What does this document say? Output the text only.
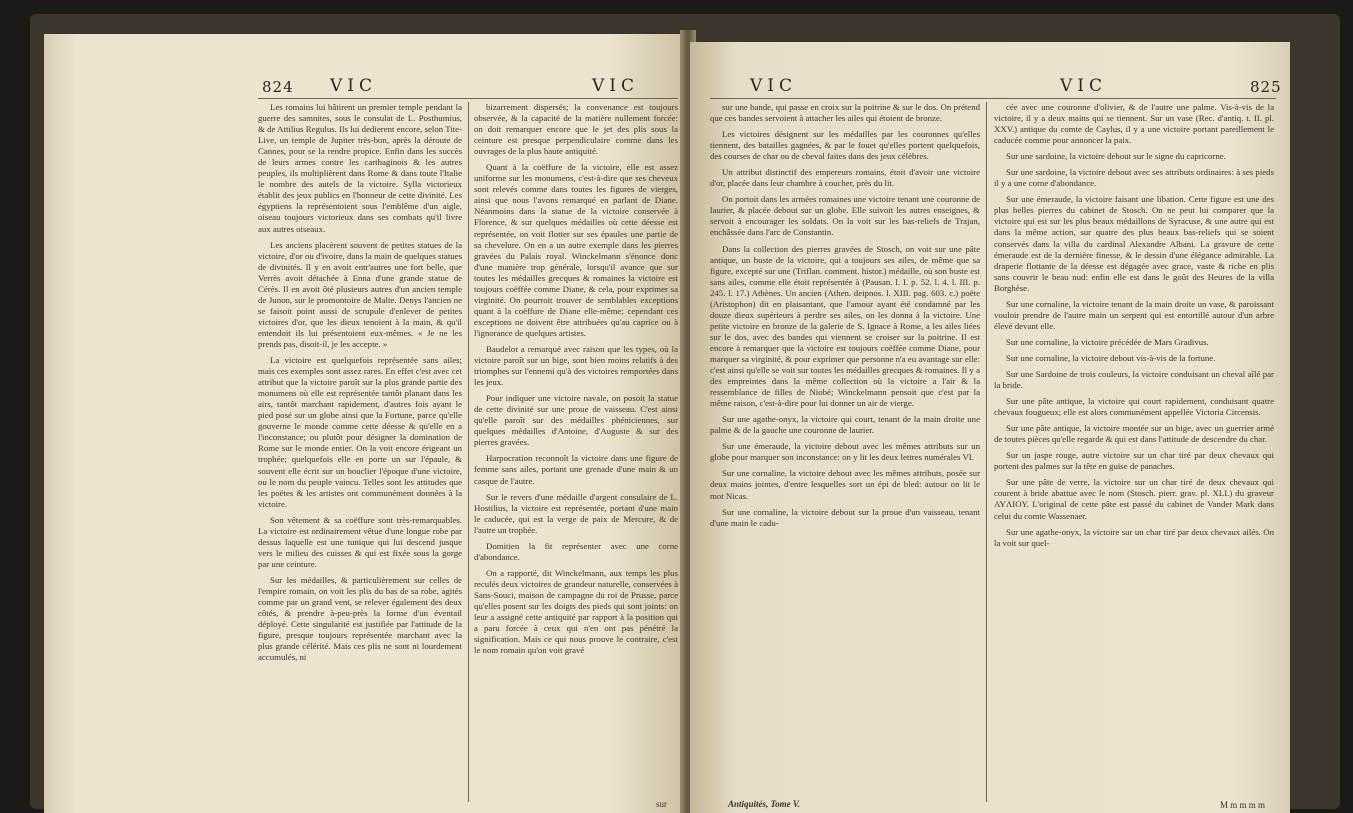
824 VIC	VIC

Les romains lui bâtirent un premier temple pendant la guerre des samnites, sous le consulat de L. Posthumius, & de Attilius Regulus. Ils lui dedierent encore, selon Tite-Live, un temple de Jupiter très-bon, après la déroute de Cannes, pour se la rendre propice. Enfin dans les succès de leurs armes contre les carthaginois & les autres peuples, ils multiplièrent dans Rome & dans toute l'Italie le nombre des autels de la victoire. Sylla victorieux établit des jeux publics en l'honneur de cette divinité. Les égyptiens la représentoient sous l'emblême d'un aigle, oiseau toujours victorieux dans ses combats qu'il livre aux autres oiseaux.

Les anciens placèrent souvent de petites statues de la victoire, d'or ou d'ivoire, dans la main de quelques statues de divinités. Il y en avoit entr'autres une fort belle, que Verrès avoit détachée à Enna d'une grande statue de Cérès. Il en avoit ôté plusieurs autres d'un ancien temple de Junon, sur le promontoire de Malte. Denys l'ancien ne se faisoit point aussi de scrupule d'enlever de petites victoires d'or, que les dieux tenoient à la main, & qu'il entendoit ils lui présentoient eux-mêmes. « Je ne les prends pas, disoit-il, je les accepte. »

La victoire est quelquefois représentée sans ailes; mais ces exemples sont assez rares. En effet c'est avec cet attribut que la victoire paroît sur la plus grande partie des monumens où elle est représentée tantôt planant dans les airs, tantôt marchant rapidement, d'autres fois ayant le pied posé sur un globe ainsi que la Fortune, parce qu'elle gouverne le monde comme cette déesse & qu'elle en a l'inconstance; ou plutôt pour désigner la domination de Rome sur le monde entier. On la voit encore érigeant un trophée; quelquefois elle en porte un sur l'épaule, & souvent elle écrit sur un bouclier l'époque d'une victoire, ou le nom du peuple vaincu. Telles sont les attitudes que les poëtes & les artistes ont communément données à la victoire.

Son vêtement & sa coëffure sont très-remarquables. La victoire est ordinairement vêtue d'une longue robe par dessus laquelle est une tunique qui lui descend jusque vers le milieu des cuisses & qui est fixée sous la gorge par une ceinture.

Sur les médailles, & particulièrement sur celles de l'empire romain, on voit les plis du bas de sa robe, agités comme par un grand vent, se relever également des deux côtés, & prendre à-peu-près la forme d'un éventail déployé. Cette singularité est justifiée par l'attitude de la figure, presque toujours représentée marchant avec la plus grande célérité. Mais ces plis ne sont ni lourdement accumulés, ni

bizarrement dispersés; la convenance est toujours observée, & la capacité de la matière nullement forcée: on doit remarquer encore que le jet des plis sous la ceinture est presque perpendiculaire comme dans les ouvrages de la plus haute antiquité.

Quant à la coëffure de la victoire, elle est assez uniforme sur les monumens, c'est-à-dire que ses cheveux sont relevés comme dans toutes les figures de vierges, ainsi que nous l'avons remarqué en parlant de Diane. Néanmoins dans la statue de la victoire conservée à Florence, & sur quelques médailles où cette déesse est représentée, on voit flotter sur ses épaules une partie de sa chevelure. On en a un autre exemple dans les pierres gravées du Palais royal. Winckelmann s'énonce donc d'une manière trop générale, lorsqu'il avance que sur toutes les médailles grecques & romaines la victoire est toujours coëffée comme Diane, & cela, pour exprimer sa virginité. On pourroit trouver de semblables exceptions quant à la coëffure de Diane elle-même; cependant ces exceptions ne doivent être attribuées qu'au caprice ou à l'ignorance de quelques artistes.

Baudelot a remarqué avec raison que les types, où la victoire paroît sur un bige, sont bien moins relatifs à des triomphes sur l'ennemi qu'à des victoires remportées dans les jeux.

Pour indiquer une victoire navale, on posoit la statue de cette divinité sur une proue de vaisseau. C'est ainsi qu'elle paroît sur des médailles phéniciennes, sur quelques médailles d'Antoine, d'Auguste & sur des pierres gravées.

Harpocration reconnoît la victoire dans une figure de femme sans ailes, portant une grenade d'une main & un casque de l'autre.

Sur le revers d'une médaille d'argent consulaire de L. Hostilius, la victoire est représentée, portant d'une main le caducée, qui est la verge de paix de Mercure, & de l'autre un trophée.

Domitien la fit représenter avec une corne d'abondance.

On a rapporté, dit Winckelmann, aux temps les plus reculés deux victoires de grandeur naturelle, conservées à Sans-Souci, maison de campagne du roi de Prusse, parce qu'elles posent sur les doigts des pieds qui sont joints: on leur a assigné cette antiquité par rapport à la position qui a paru forcée à ceux qui n'en ont pas pénétré la signification. Mais ce qui nous prouve le contraire, c'est le nom romain qu'on voit gravé

sur
VIC	VIC	825

sur une bande, qui passe en croix sur la poitrine & sur le dos. On prétend que ces bandes servoient à attacher les ailes qui étoient de bronze.

Les victoires désignent sur les médailles par les couronnes qu'elles tiennent, des batailles gagnées, & par le fouet qu'elles portent quelquefois, des courses de char ou de cheval faites dans des jeux célèbres.

Un attribut distinctif des empereurs romains, étoit d'avoir une victoire d'or, placée dans leur chambre à coucher, près du lit.

On portoit dans les armées romaines une victoire tenant une couronne de laurier, & placée debout sur un globe. Elle suivoit les autres enseignes, & servoit à encourager les soldats. On la voit sur les bas-reliefs de Trajan, enchâssée dans l'arc de Constantin.

Dans la collection des pierres gravées de Stosch, on voit sur une pâte antique, un buste de la victoire, qui a toujours ses ailes, de même que sa figure, excepté sur une (Triflan. comment. histor.) médaille, où son buste est sans ailes, comme elle étoit représentée à (Pausan. l. I. p. 52. l. 4. l. III. p. 245. l. 17.) Athènes. Un ancien (Athen. deipnos. l. XIII. pag. 603. c.) poëte (Aristophon) dit en plaisantant, que l'amour ayant été condamné par les douze dieux supérieurs à perdre ses ailes, on les donna à la victoire. Une petite victoire en bronze de la galerie de S. Ignace à Rome, a les ailes liées sur le dos, avec des bandes qui viennent se croiser sur la poitrine. Il est encore à remarquer que la victoire est toujours coëffée comme Diane, pour marquer sa virginité, & pour exprimer que personne n'a eu avantage sur elle: c'est ainsi qu'elle se voit sur toutes les médailles grecques & romaines. Il y a des empreintes dans la même collection où la victoire a l'air & la ressemblance de filles de Niobé; Winckelmann pensoit que c'est par la même raison, c'est-à-dire pour lui donner un air de vierge.

Sur une agathe-onyx, la victoire qui court, tenant de la main droite une palme & de la gauche une couronne de laurier.

Sur une émeraude, la victoire debout avec les mêmes attributs sur un globe pour marquer son inconstance: on y lit les deux lettres numérales VI.

Sur une cornaline, la victoire debout avec les mêmes attributs, posée sur deux mains jointes, d'entre lesquelles sort un épi de bled: autour on lit le mot Nicas.

Sur une cornaline, la victoire debout sur la proue d'un vaisseau, tenant d'une main le cadu-

Antiquités, Tome V.

cée avec une couronne d'olivier, & de l'autre une palme. Vis-à-vis de la victoire, il y a deux mains qui se tiennent. Sur un vase (Rec. d'antiq. t. II. pl. XXV.) antique du comte de Caylus, il y a une victoire portant pareillement le caducée comme pour annoncer la paix.

Sur une sardoine, la victoire debout sur le signe du capricorne.

Sur une sardoine, la victoire debout avec ses attributs ordinaires: à ses pieds il y a une corne d'abondance.

Sur une émeraude, la victoire faisant une libation. Cette figure est une des plus belles pierres du cabinet de Stosch. On ne peut lui comparer que la victoire qui est sur les plus beaux médaillons de Syracuse, & une autre qui est dans la même action, sur quatre des plus beaux bas-reliefs qui se soient conservés dans la villa du cardinal Alexandre Albani. La gravure de cette émeraude est de la dernière finesse, & le dessin d'une élégance admirable. La draperie flottante de la déesse est dégagée avec grace, vaste & riche en plis sans couvrir le beau nud: enfin elle est dans le goût des Heures de la villa Borghèse.

Sur une cornaline, la victoire tenant de la main droite un vase, & paroissant vouloir prendre de l'autre main un serpent qui est entortillé autour d'un arbre élevé devant elle.

Sur une cornaline, la victoire précédée de Mars Gradivus.

Sur une cornaline, la victoire debout vis-à-vis de la fortune.

Sur une Sardoine de trois couleurs, la victoire conduisant un cheval aîlé par la bride.

Sur une pâte antique, la victoire qui court rapidement, conduisant quatre chevaux fougueux; elle est alors communément appellée Victoria Circensis.

Sur une pâte antique, la victoire montée sur un bige, avec un guerrier armé de toutes pièces qu'elle regarde & qui est dans l'attitude de descendre du char.

Sur un jaspe rouge, autre victoire sur un char tiré par deux chevaux qui portent des palmes sur la tête en guise de panaches.

Sur une pâte de verre, la victoire sur un char tiré de deux chevaux qui courent à bride abattue avec le nom (Stosch. pierr. grav. pl. XLI.) du graveur AYΛIOY. L'original de cette pâte est passé du cabinet de Vander Mark dans celui du comte Wassenaer.

Sur une agathe-onyx, la victoire sur un char tiré par deux chevaux ailés. On la voit sur quel-

M m m m m
